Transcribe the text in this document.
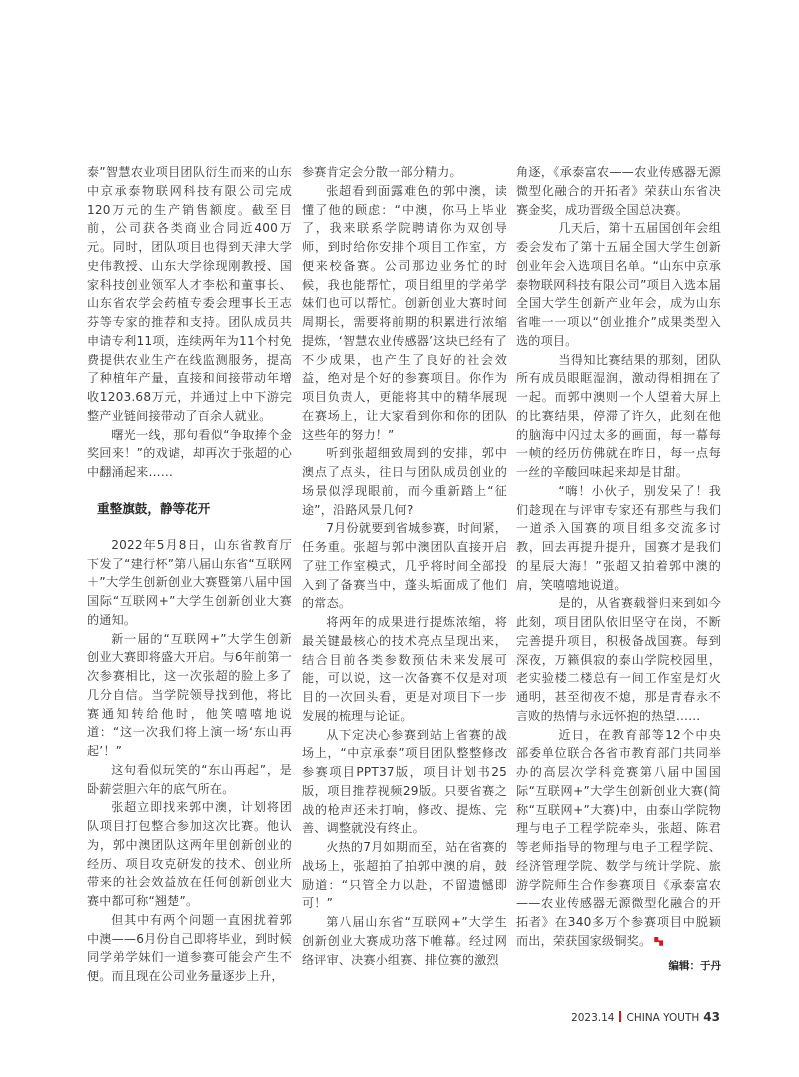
泰”智慧农业项目团队衍生而来的山东中京承泰物联网科技有限公司完成120万元的生产销售额度。截至目前，公司获各类商业合同近400万元。同时，团队项目也得到天津大学史伟教授、山东大学徐现刚教授、国家科技创业领军人才李松和董事长、山东省农学会药植专委会理事长王志芬等专家的推荐和支持。团队成员共申请专利11项，连续两年为11个村免费提供农业生产在线监测服务，提高了种植年产量，直接和间接带动年增收1203.68万元，并通过上中下游完整产业链间接带动了百余人就业。

曙光一线，那句看似“争取捧个金奖回来！”的戏谑，却再次于张超的心中翻涌起来……

重整旗鼓，静等花开

2022年5月8日，山东省教育厅下发了“建行杯”第八届山东省“互联网＋”大学生创新创业大赛暨第八届中国国际“互联网+”大学生创新创业大赛的通知。

新一届的“互联网+”大学生创新创业大赛即将盛大开启。与6年前第一次参赛相比，这一次张超的脸上多了几分自信。当学院领导找到他，将比赛通知转给他时，他笑嘻嘻地说道：“这一次我们将上演一场‘东山再起’！”

这句看似玩笑的“东山再起”，是卧薪尝胆六年的底气所在。

张超立即找来郭中澳，计划将团队项目打包整合参加这次比赛。他认为，郭中澳团队这两年里创新创业的经历、项目攻克研发的技术、创业所带来的社会效益放在任何创新创业大赛中都可称“翘楚”。

但其中有两个问题一直困扰着郭中澳——6月份自己即将毕业，到时候同学弟学妹们一道参赛可能会产生不便。而且现在公司业务量逐步上升，

参赛肯定会分散一部分精力。

张超看到面露难色的郭中澳，读懂了他的顾虑：“中澳，你马上毕业了，我来联系学院聘请你为双创导师，到时给你安排个项目工作室，方便来校备赛。公司那边业务忙的时候，我也能帮忙，项目组里的学弟学妹们也可以帮忙。创新创业大赛时间周期长，需要将前期的积累进行浓缩提炼，‘智慧农业传感器’这块已经有了不少成果，也产生了良好的社会效益，绝对是个好的参赛项目。你作为项目负责人，更能将其中的精华展现在赛场上，让大家看到你和你的团队这些年的努力！”

听到张超细致周到的安排，郭中澳点了点头，往日与团队成员创业的场景似浮现眼前，而今重新踏上“征途”，沿路风景几何?

7月份就要到省城参赛，时间紧，任务重。张超与郭中澳团队直接开启了驻工作室模式，几乎将时间全部投入到了备赛当中，蓬头垢面成了他们的常态。

将两年的成果进行提炼浓缩，将最关键最核心的技术亮点呈现出来，结合目前各类参数预估未来发展可能，可以说，这一次备赛不仅是对项目的一次回头看，更是对项目下一步发展的梳理与论证。

从下定决心参赛到站上省赛的战场上，“中京承泰”项目团队整整修改参赛项目PPT37版，项目计划书25版，项目推荐视频29版。只要省赛之战的枪声还未打响，修改、提炼、完善、调整就没有终止。

火热的7月如期而至，站在省赛的战场上，张超拍了拍郭中澳的肩，鼓励道：“只管全力以赴，不留遗憾即可！”

第八届山东省“互联网+”大学生创新创业大赛成功落下帷幕。经过网络评审、决赛小组赛、排位赛的激烈

角逐，《承泰富农——农业传感器无源微型化融合的开拓者》荣获山东省决赛金奖，成功晋级全国总决赛。

几天后，第十五届国创年会组委会发布了第十五届全国大学生创新创业年会入选项目名单。“山东中京承泰物联网科技有限公司”项目入选本届全国大学生创新产业年会，成为山东省唯一一项以“创业推介”成果类型入选的项目。

当得知比赛结果的那刻，团队所有成员眼眶湿润，激动得相拥在了一起。而郭中澳则一个人望着大屏上的比赛结果，停滞了许久，此刻在他的脑海中闪过太多的画面，每一幕每一帧的经历仿佛就在昨日，每一点每一丝的辛酸回味起来却是甘甜。

“嗨！小伙子，别发呆了！我们趁现在与评审专家还有那些与我们一道杀入国赛的项目组多交流多讨教，回去再提升提升，国赛才是我们的星辰大海！”张超又拍着郭中澳的肩，笑嘻嘻地说道。

是的，从省赛载誉归来到如今此刻，项目团队依旧坚守在岗，不断完善提升项目，积极备战国赛。每到深夜，万籁俱寂的泰山学院校园里，老实验楼二楼总有一间工作室是灯火通明，甚至彻夜不熄，那是青春永不言败的热情与永远怀抱的热望……

近日，在教育部等12个中央部委单位联合各省市教育部门共同举办的高层次学科竞赛第八届中国国际“互联网+”大学生创新创业大赛(简称“互联网+”大赛)中，由泰山学院物理与电子工程学院牵头，张超、陈君等老师指导的物理与电子工程学院、经济管理学院、数学与统计学院、旅游学院师生合作参赛项目《承泰富农——农业传感器无源微型化融合的开拓者》在340多万个参赛项目中脱颖而出，荣获国家级铜奖。

编辑：于丹
2023.14 CHINA YOUTH 43
